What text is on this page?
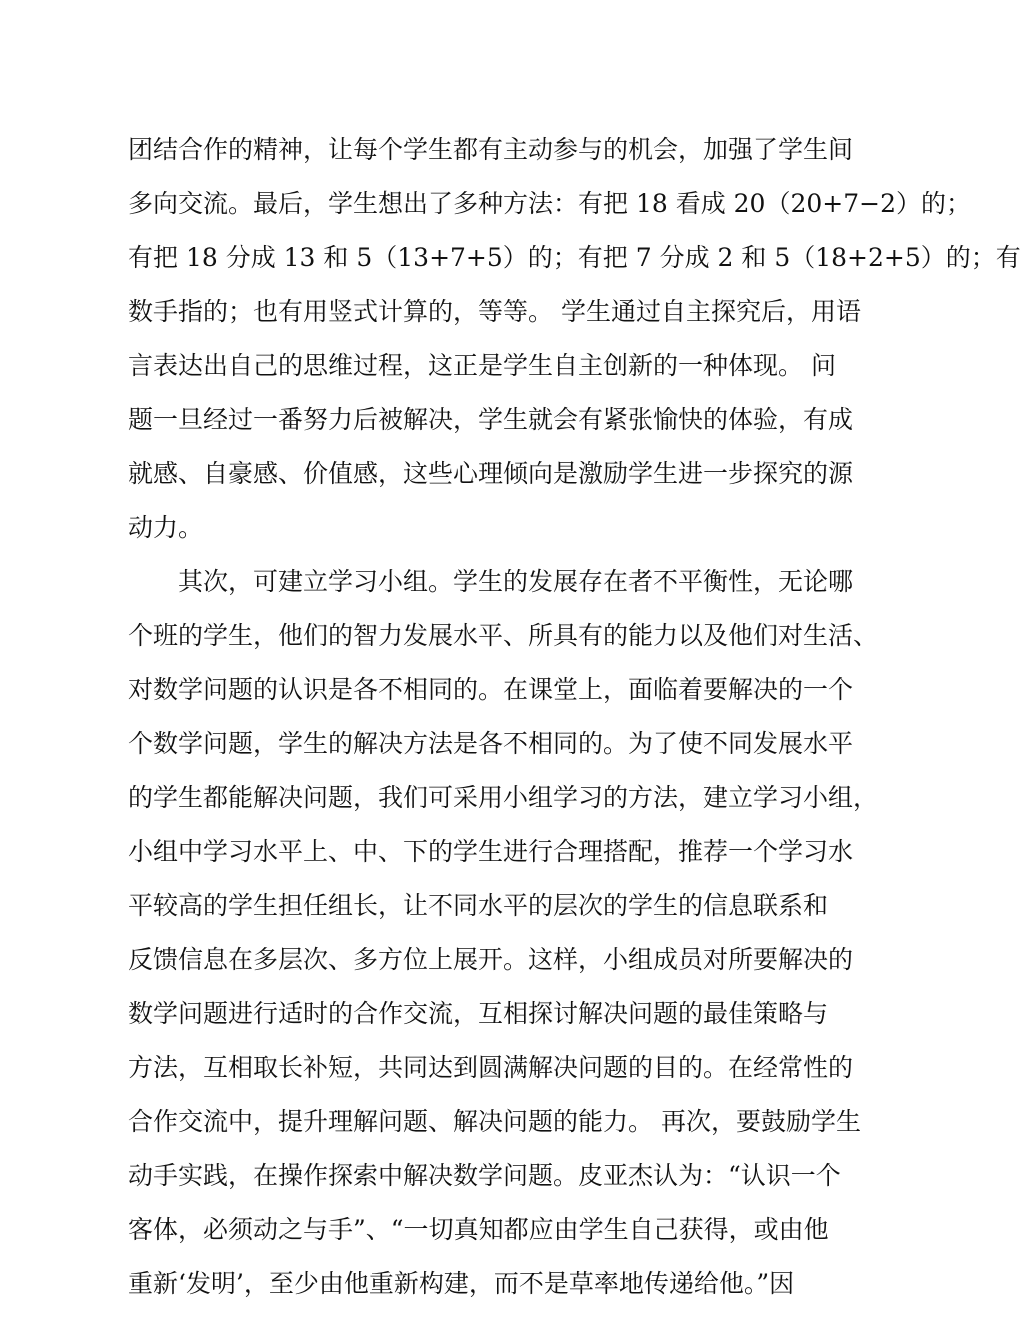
团结合作的精神，让每个学生都有主动参与的机会，加强了学生间
多向交流。最后，学生想出了多种方法：有把 18 看成 20（20+7−2）的；
有把 18 分成 13 和 5（13+7+5）的；有把 7 分成 2 和 5（18+2+5）的；有
数手指的；也有用竖式计算的，等等。 学生通过自主探究后，用语
言表达出自己的思维过程，这正是学生自主创新的一种体现。 问
题一旦经过一番努力后被解决，学生就会有紧张愉快的体验，有成
就感、自豪感、价值感，这些心理倾向是激励学生进一步探究的源
动力。
其次，可建立学习小组。学生的发展存在者不平衡性，无论哪
个班的学生，他们的智力发展水平、所具有的能力以及他们对生活、
对数学问题的认识是各不相同的。在课堂上，面临着要解决的一个
个数学问题，学生的解决方法是各不相同的。为了使不同发展水平
的学生都能解决问题，我们可采用小组学习的方法，建立学习小组，
小组中学习水平上、中、下的学生进行合理搭配，推荐一个学习水
平较高的学生担任组长，让不同水平的层次的学生的信息联系和
反馈信息在多层次、多方位上展开。这样，小组成员对所要解决的
数学问题进行适时的合作交流，互相探讨解决问题的最佳策略与
方法，互相取长补短，共同达到圆满解决问题的目的。在经常性的
合作交流中，提升理解问题、解决问题的能力。 再次，要鼓励学生
动手实践，在操作探索中解决数学问题。皮亚杰认为：“认识一个
客体，必须动之与手”、“一切真知都应由学生自己获得，或由他
重新‘发明’，至少由他重新构建，而不是草率地传递给他。”因
